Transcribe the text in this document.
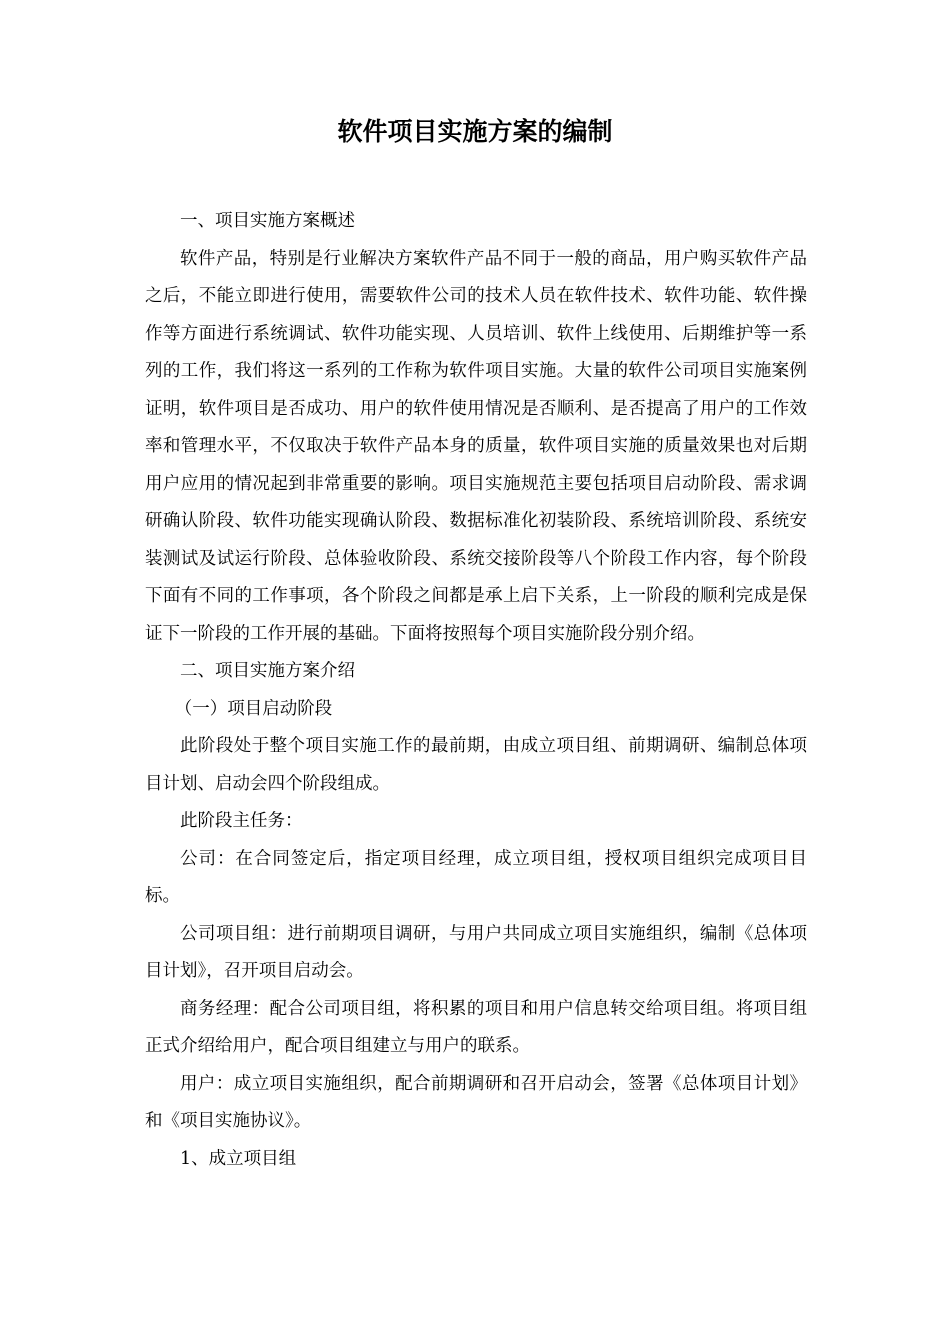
软件项目实施方案的编制

一、项目实施方案概述

软件产品，特别是行业解决方案软件产品不同于一般的商品，用户购买软件产品之后，不能立即进行使用，需要软件公司的技术人员在软件技术、软件功能、软件操作等方面进行系统调试、软件功能实现、人员培训、软件上线使用、后期维护等一系列的工作，我们将这一系列的工作称为软件项目实施。大量的软件公司项目实施案例证明，软件项目是否成功、用户的软件使用情况是否顺利、是否提高了用户的工作效率和管理水平，不仅取决于软件产品本身的质量，软件项目实施的质量效果也对后期用户应用的情况起到非常重要的影响。项目实施规范主要包括项目启动阶段、需求调研确认阶段、软件功能实现确认阶段、数据标准化初装阶段、系统培训阶段、系统安装测试及试运行阶段、总体验收阶段、系统交接阶段等八个阶段工作内容，每个阶段下面有不同的工作事项，各个阶段之间都是承上启下关系，上一阶段的顺利完成是保证下一阶段的工作开展的基础。下面将按照每个项目实施阶段分别介绍。

二、项目实施方案介绍

（一）项目启动阶段

此阶段处于整个项目实施工作的最前期，由成立项目组、前期调研、编制总体项目计划、启动会四个阶段组成。

此阶段主任务：

公司：在合同签定后，指定项目经理，成立项目组，授权项目组织完成项目目标。

公司项目组：进行前期项目调研，与用户共同成立项目实施组织，编制《总体项目计划》，召开项目启动会。

商务经理：配合公司项目组，将积累的项目和用户信息转交给项目组。将项目组正式介绍给用户，配合项目组建立与用户的联系。

用户：成立项目实施组织，配合前期调研和召开启动会，签署《总体项目计划》和《项目实施协议》。

1、成立项目组
